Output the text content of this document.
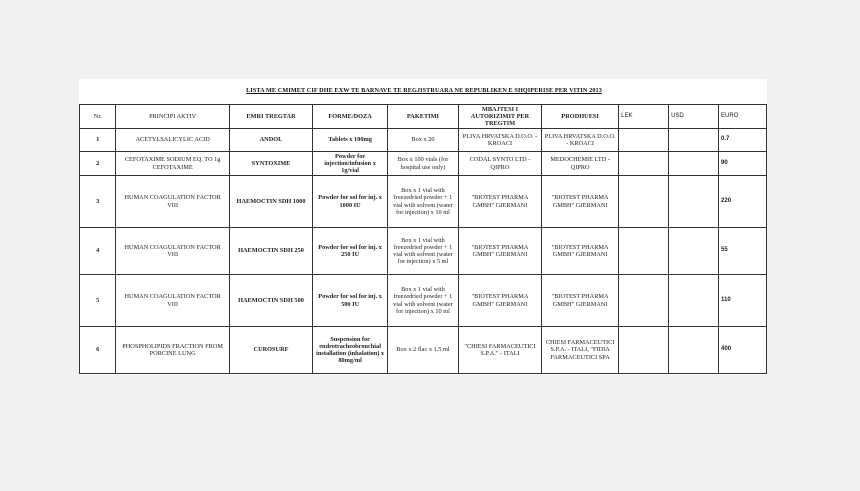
LISTA ME CMIMET CIF DHE EXW TE BARNAVE TE REGJISTRUARA NE REPUBLIKEN E SHQIPERISE PER VITIN 2013
Nr.	PRINCIPI AKTIV	EMRI TREGTAR	FORME/DOZA	PAKETIMI	MBAJTESI I AUTORIZIMIT PER TREGTIM	PRODHUESI	LEK	USD	EURO
1	ACETYLSALICYLIC ACID	ANDOL	Tablets x 100mg	Box x 20	PLIVA HRVATSKA D.O.O. - KROACI	PLIVA HRVATSKA D.O.O. - KROACI			0.7
2	CEFOTAXIME SODIUM EQ. TO 1g CEFOTAXIME	SYNTOXIME	Powder for injection/infusion x 1g/vial	Box x 100 vials (for hospital use only)	CODAL SYNTO LTD - QIPRO	MEDOCHEMIE LTD - QIPRO			90
3	HUMAN COAGULATION FACTOR VIII	HAEMOCTIN SDH 1000	Powder for sol for inj. x 1000 IU	Box x 1 vial with freezedried powder + 1 vial with solvent (water for injection) x 10 ml	"BIOTEST PHARMA GMBH" GJERMANI	"BIOTEST PHARMA GMBH" GJERMANI			220
4	HUMAN COAGULATION FACTOR VIII	HAEMOCTIN SDH 250	Powder for sol for inj. x 250 IU	Box x 1 vial with freezedried powder + 1 vial with solvent (water for injection) x 5 ml	"BIOTEST PHARMA GMBH" GJERMANI	"BIOTEST PHARMA GMBH" GJERMANI			55
5	HUMAN COAGULATION FACTOR VIII	HAEMOCTIN SDH 500	Powder for sol for inj. x 500 IU	Box x 1 vial with freezedried powder + 1 vial with solvent (water for injection) x 10 ml	"BIOTEST PHARMA GMBH" GJERMANI	"BIOTEST PHARMA GMBH" GJERMANI			110
6	PHOSPHOLIPIDS FRACTION FROM PORCINE LUNG	CUROSURF	Suspension for endrotracheobronchial installation (inhalation) x 80mg/ml	Box x 2 flac x 1.5 ml	"CHIESI FARMACEUTICI S.P.A." - ITALI	CHIESI FARMACEUTICI S.P.A. - ITALI, "FIDIA FARMACEUTICI SPA			400
